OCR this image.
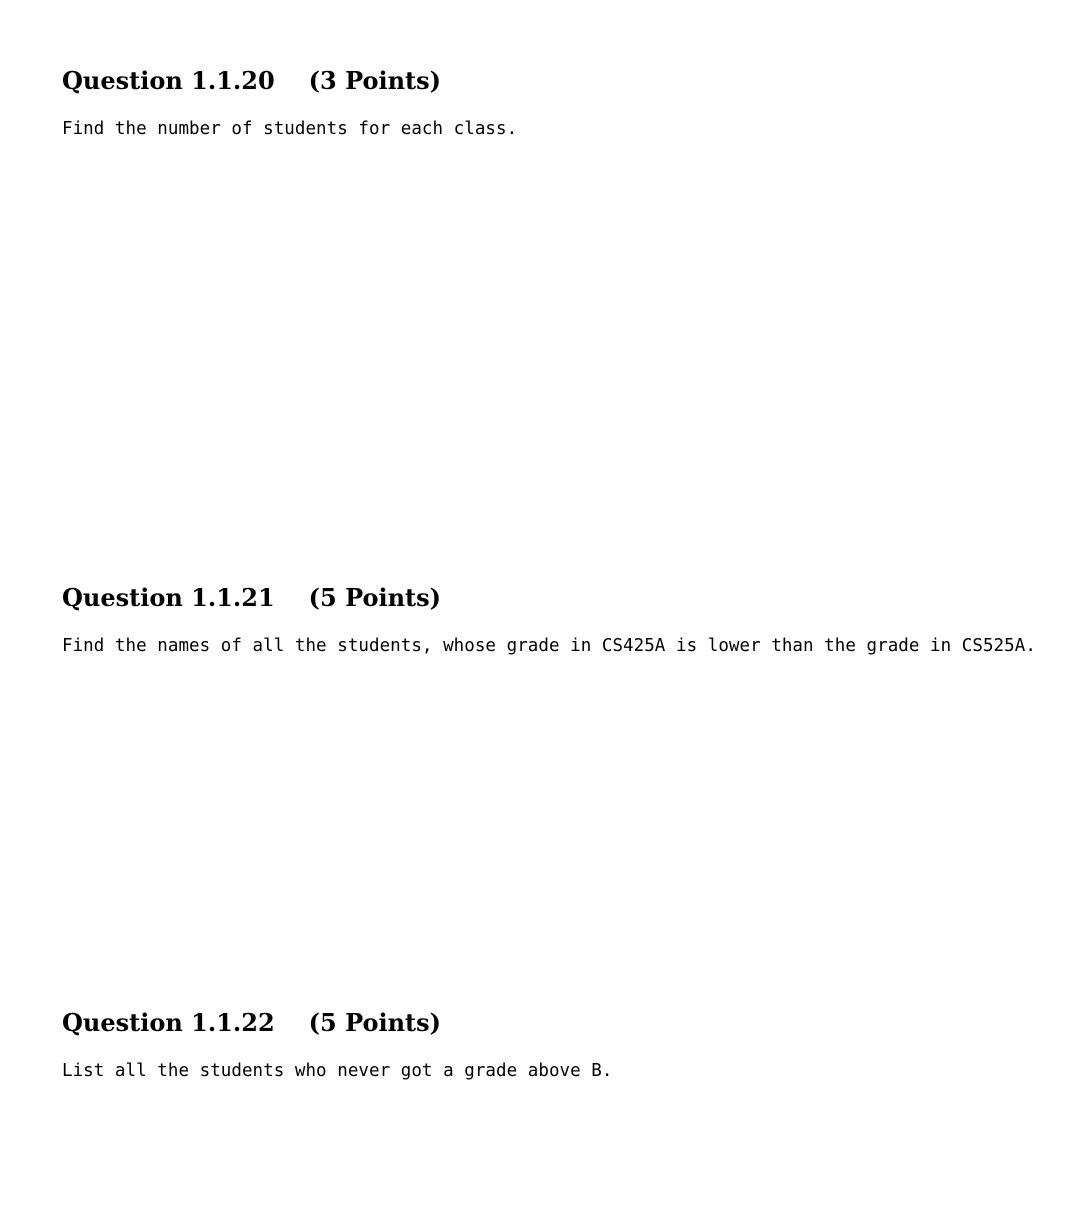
Question 1.1.20 (3 Points)

Find the number of students for each class.

Question 1.1.21 (5 Points)

Find the names of all the students, whose grade in CS425A is lower than the grade in CS525A.

Question 1.1.22 (5 Points)

List all the students who never got a grade above B.
